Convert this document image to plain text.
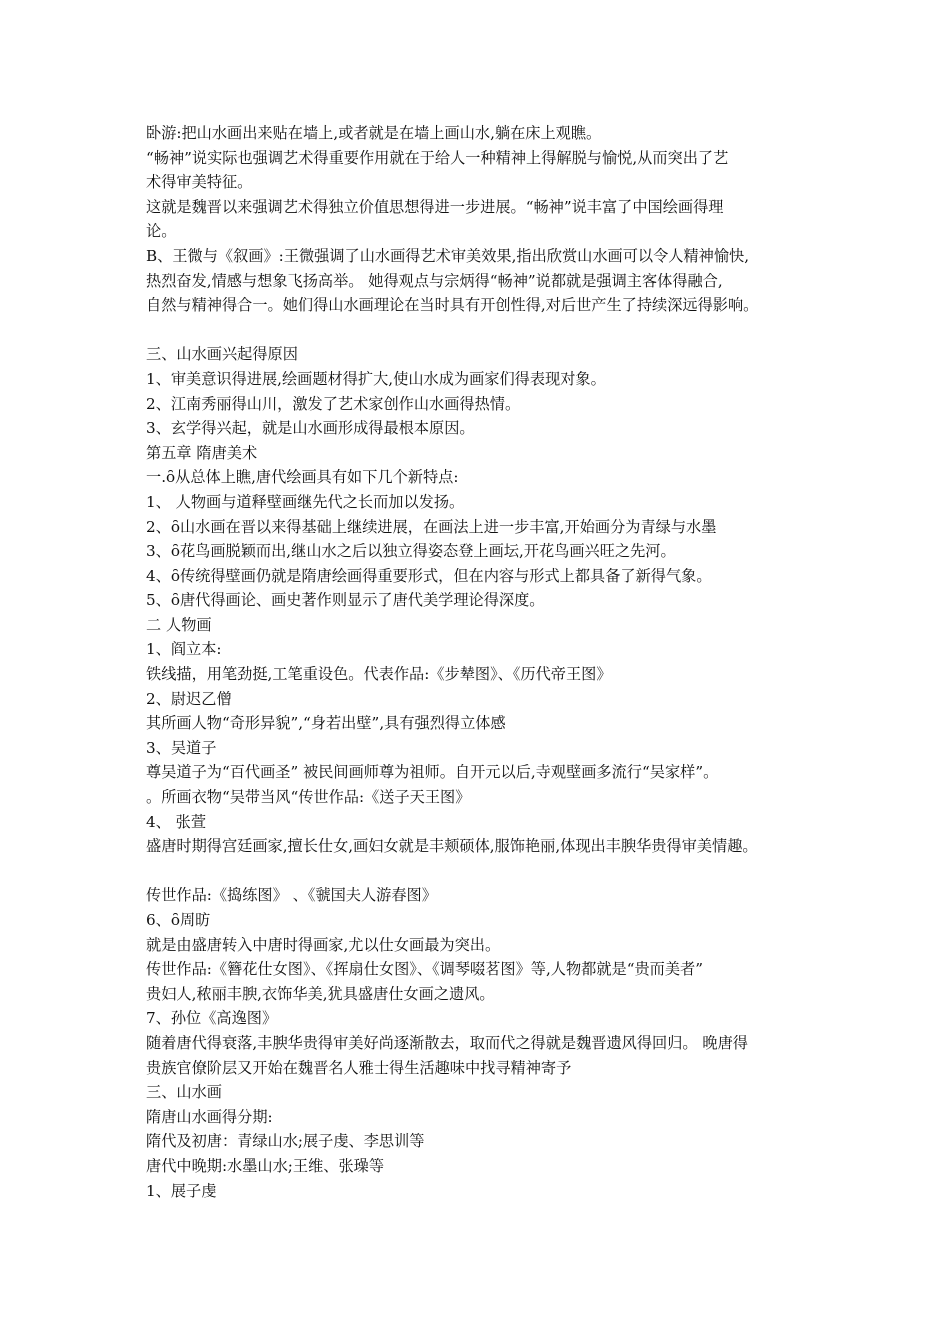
卧游:把山水画出来贴在墙上,或者就是在墙上画山水,躺在床上观瞧。
“畅神”说实际也强调艺术得重要作用就在于给人一种精神上得解脱与愉悦,从而突出了艺
术得审美特征。
这就是魏晋以来强调艺术得独立价值思想得进一步进展。“畅神”说丰富了中国绘画得理
论。
B、王微与《叙画》:王微强调了山水画得艺术审美效果,指出欣赏山水画可以令人精神愉快,
热烈奋发,情感与想象飞扬高举。 她得观点与宗炳得“畅神”说都就是强调主客体得融合,
自然与精神得合一。她们得山水画理论在当时具有开创性得,对后世产生了持续深远得影响。
三、山水画兴起得原因
1、审美意识得进展,绘画题材得扩大,使山水成为画家们得表现对象。
2、江南秀丽得山川，激发了艺术家创作山水画得热情。
3、玄学得兴起，就是山水画形成得最根本原因。
第五章 隋唐美术
一.ȏ从总体上瞧,唐代绘画具有如下几个新特点:
1、 人物画与道释壁画继先代之长而加以发扬。
2、ȏ山水画在晋以来得基础上继续进展，在画法上进一步丰富,开始画分为青绿与水墨
3、ȏ花鸟画脱颖而出,继山水之后以独立得姿态登上画坛,开花鸟画兴旺之先河。
4、ȏ传统得壁画仍就是隋唐绘画得重要形式，但在内容与形式上都具备了新得气象。
5、ȏ唐代得画论、画史著作则显示了唐代美学理论得深度。
二 人物画
1、阎立本:
铁线描，用笔劲挺,工笔重设色。代表作品:《步辇图》、《历代帝王图》
2、尉迟乙僧
其所画人物“奇形异貌”,“身若出壁”,具有强烈得立体感
3、吴道子
尊吴道子为“百代画圣” 被民间画师尊为祖师。自开元以后,寺观壁画多流行“吴家样”。
。所画衣物“吴带当风“传世作品:《送子天王图》
4、 张萱
盛唐时期得宫廷画家,擅长仕女,画妇女就是丰颊硕体,服饰艳丽,体现出丰腴华贵得审美情趣。
传世作品:《捣练图》 、《虢国夫人游春图》
6、ȏ周昉
就是由盛唐转入中唐时得画家,尤以仕女画最为突出。
传世作品:《簪花仕女图》、《挥扇仕女图》、《调琴啜茗图》等,人物都就是“贵而美者”
贵妇人,秾丽丰腴,衣饰华美,犹具盛唐仕女画之遗风。
7、孙位《高逸图》
随着唐代得衰落,丰腴华贵得审美好尚逐渐散去，取而代之得就是魏晋遗风得回归。 晚唐得
贵族官僚阶层又开始在魏晋名人雅士得生活趣味中找寻精神寄予
三、山水画
隋唐山水画得分期:
隋代及初唐：青绿山水;展子虔、李思训等
唐代中晚期:水墨山水;王维、张璪等
1、展子虔
